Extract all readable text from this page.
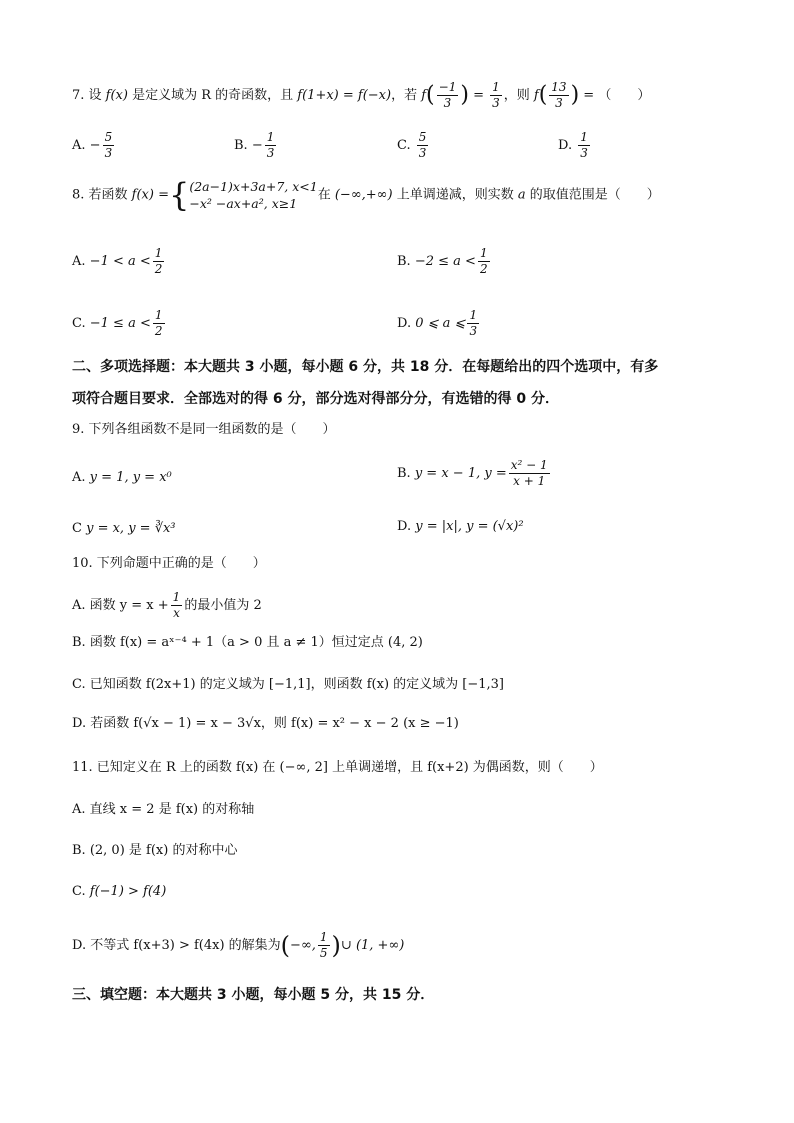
7. 设 f(x) 是定义域为 R 的奇函数，且 f(1+x) = f(−x)，若 $f( \frac{-1}{3}$ ) = $\frac{1}{3}$ ，则 $f( \frac{13}{3}$ ) = （　　）
A. − $\frac{5}{3}$	B. − $\frac{1}{3}$	C. $\frac{5}{3}$	D. $\frac{1}{3}$
8. 若函数 f(x) ={ (2a−1)x+3a+7, x<1
−x² −ax+a², x≥1
在 (−∞,+∞) 上单调递减，则实数 a 的取值范围是（　　）
A. $-1 < a < \frac{1}{2}$	B. $-2 \le a < \frac{1}{2}$
C. $-1 \le a < \frac{1}{2}$	D. 0 ⩽ a ⩽ $\frac{1}{3}$
二、多项选择题：本大题共 3 小题，每小题 6 分，共 18 分．在每题给出的四个选项中，有多
项符合题目要求．全部选对的得 6 分，部分选对得部分分，有选错的得 0 分．
9. 下列各组函数不是同一组函数的是（　　）
A. y = 1, y = x⁰	B. y = x − 1, $y = \frac{\text{x² − 1}}{x + 1}$
C y = x, y = ∛x³	D. y = |x|, y = (√x)²
10. 下列命题中正确的是（　　）
A. 函数 $y = x + \frac{1}{x}$ 的最小值为 2
B. 函数 f(x) = aˣ⁻⁴ + 1（a > 0 且 a ≠ 1）恒过定点 (4, 2)
C. 已知函数 f(2x+1) 的定义域为 [−1,1]，则函数 f(x) 的定义域为 [−1,3]
D. 若函数 f(√x − 1) = x − 3√x，则 f(x) = x² − x − 2 (x ≥ −1)
11. 已知定义在 R 上的函数 f(x) 在 (−∞, 2] 上单调递增，且 f(x+2) 为偶函数，则（　　）
A. 直线 x = 2 是 f(x) 的对称轴
B. (2, 0) 是 f(x) 的对称中心
C. f(−1) > f(4)
D. 不等式 f(x+3) > f(4x) 的解集为(−∞, $\frac{1}{5}$ )∪ (1, +∞)
三、填空题：本大题共 3 小题，每小题 5 分，共 15 分．
